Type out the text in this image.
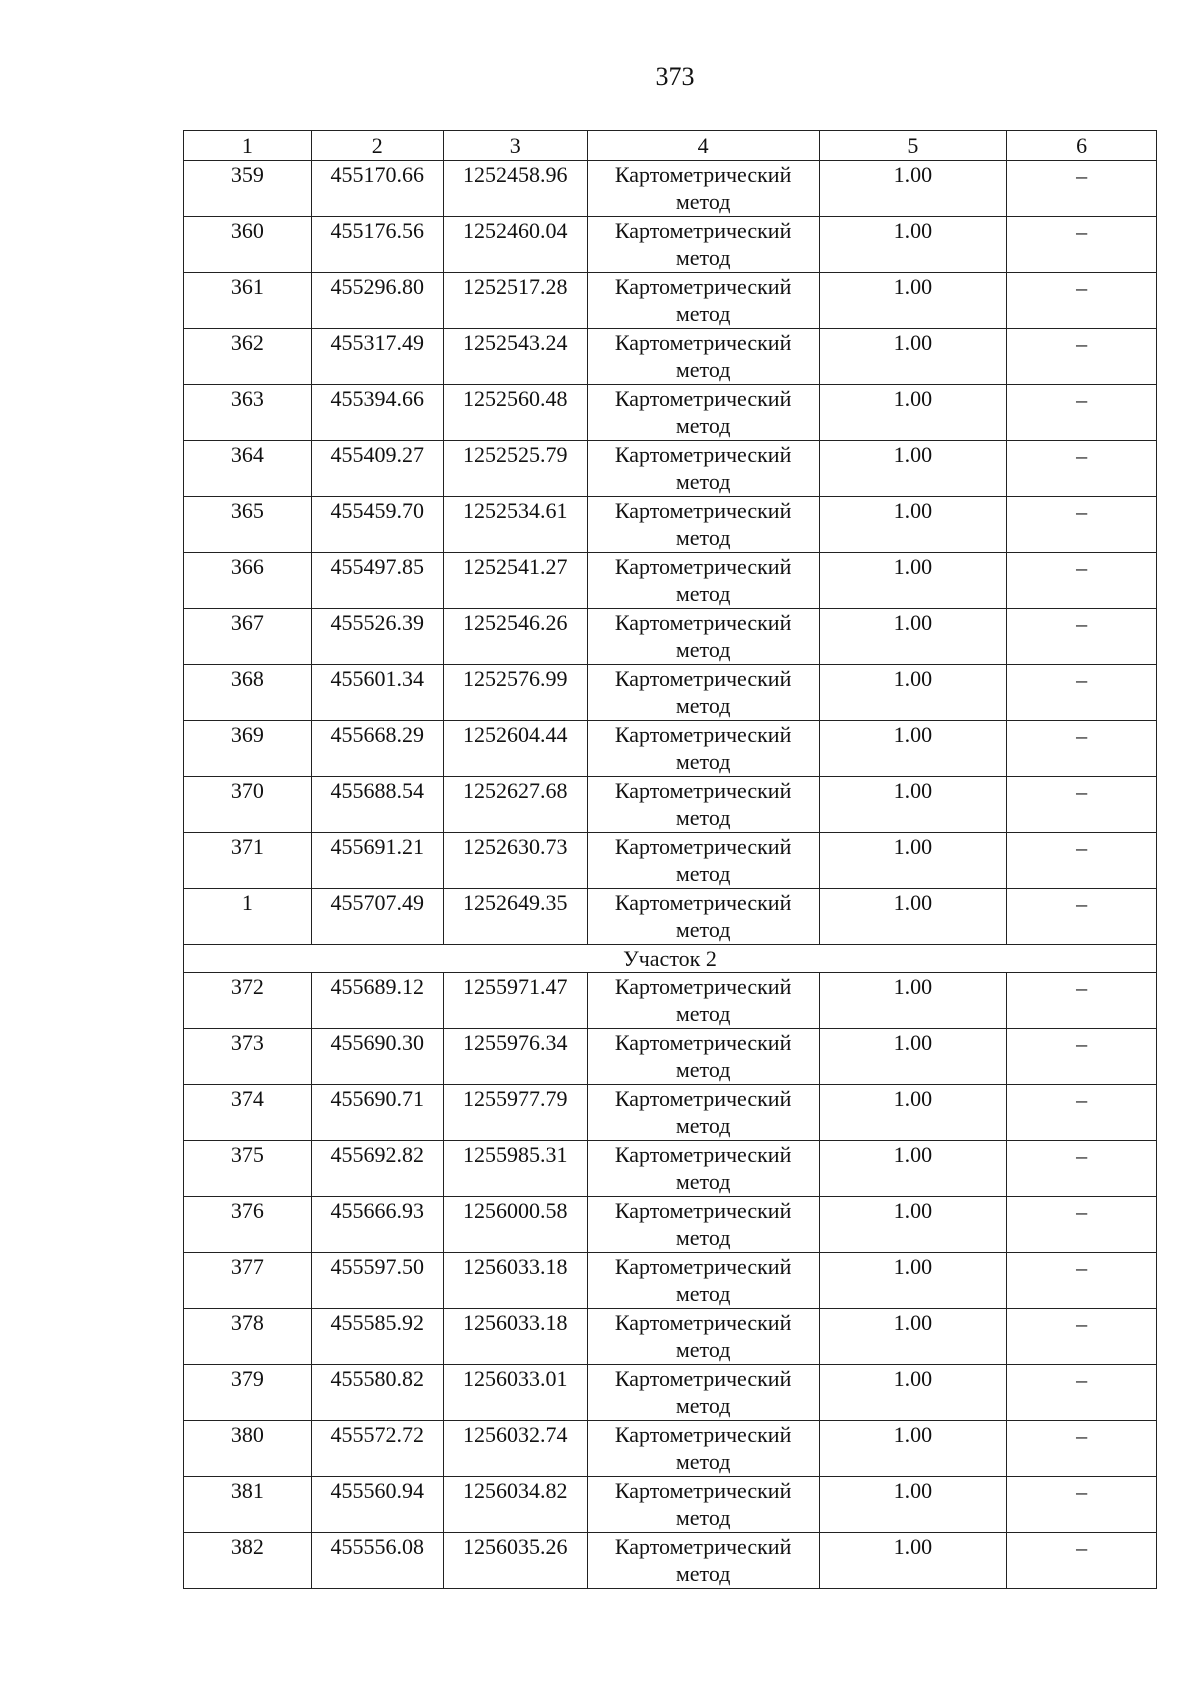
373
1	2	3	4	5	6
359	455170.66	1252458.96	Картометрический метод	1.00	–
360	455176.56	1252460.04	Картометрический метод	1.00	–
361	455296.80	1252517.28	Картометрический метод	1.00	–
362	455317.49	1252543.24	Картометрический метод	1.00	–
363	455394.66	1252560.48	Картометрический метод	1.00	–
364	455409.27	1252525.79	Картометрический метод	1.00	–
365	455459.70	1252534.61	Картометрический метод	1.00	–
366	455497.85	1252541.27	Картометрический метод	1.00	–
367	455526.39	1252546.26	Картометрический метод	1.00	–
368	455601.34	1252576.99	Картометрический метод	1.00	–
369	455668.29	1252604.44	Картометрический метод	1.00	–
370	455688.54	1252627.68	Картометрический метод	1.00	–
371	455691.21	1252630.73	Картометрический метод	1.00	–
1	455707.49	1252649.35	Картометрический метод	1.00	–
Участок 2					
372	455689.12	1255971.47	Картометрический метод	1.00	–
373	455690.30	1255976.34	Картометрический метод	1.00	–
374	455690.71	1255977.79	Картометрический метод	1.00	–
375	455692.82	1255985.31	Картометрический метод	1.00	–
376	455666.93	1256000.58	Картометрический метод	1.00	–
377	455597.50	1256033.18	Картометрический метод	1.00	–
378	455585.92	1256033.18	Картометрический метод	1.00	–
379	455580.82	1256033.01	Картометрический метод	1.00	–
380	455572.72	1256032.74	Картометрический метод	1.00	–
381	455560.94	1256034.82	Картометрический метод	1.00	–
382	455556.08	1256035.26	Картометрический метод	1.00	–
